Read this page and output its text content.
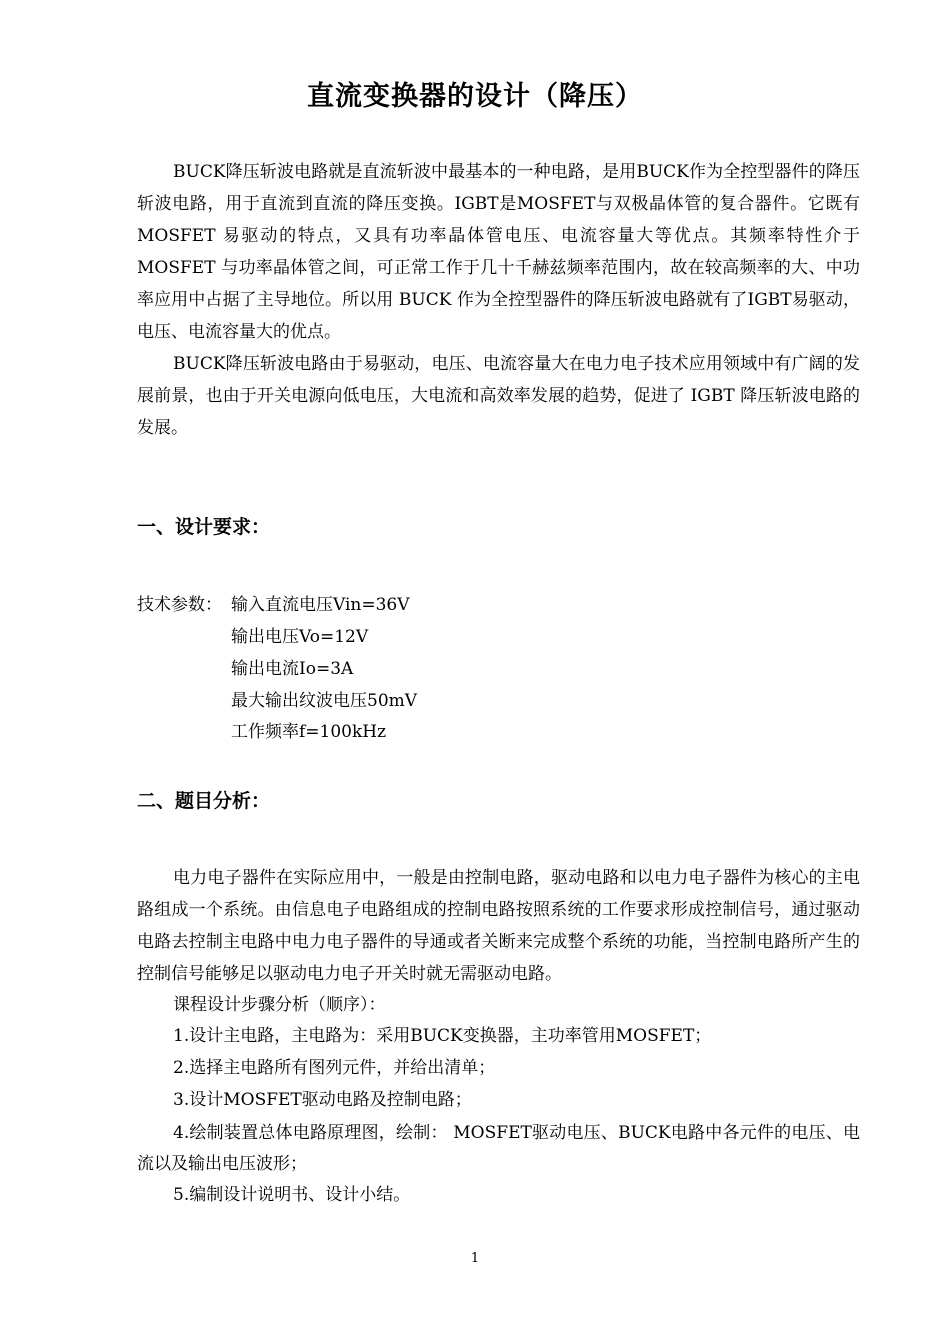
直流变换器的设计（降压）

BUCK降压斩波电路就是直流斩波中最基本的一种电路，是用BUCK作为全控型器件的降压斩波电路，用于直流到直流的降压变换。IGBT是MOSFET与双极晶体管的复合器件。它既有 MOSFET 易驱动的特点，又具有功率晶体管电压、电流容量大等优点。其频率特性介于 MOSFET 与功率晶体管之间，可正常工作于几十千赫兹频率范围内，故在较高频率的大、中功率应用中占据了主导地位。所以用 BUCK 作为全控型器件的降压斩波电路就有了IGBT易驱动，电压、电流容量大的优点。

BUCK降压斩波电路由于易驱动，电压、电流容量大在电力电子技术应用领域中有广阔的发展前景，也由于开关电源向低电压，大电流和高效率发展的趋势，促进了 IGBT 降压斩波电路的发展。

一、设计要求：
技术参数： 输入直流电压Vin=36V
输出电压Vo=12V
输出电流Io=3A
最大输出纹波电压50mV
工作频率f=100kHz
二、题目分析：

电力电子器件在实际应用中，一般是由控制电路，驱动电路和以电力电子器件为核心的主电路组成一个系统。由信息电子电路组成的控制电路按照系统的工作要求形成控制信号，通过驱动电路去控制主电路中电力电子器件的导通或者关断来完成整个系统的功能，当控制电路所产生的控制信号能够足以驱动电力电子开关时就无需驱动电路。

课程设计步骤分析（顺序）：

1.设计主电路，主电路为：采用BUCK变换器，主功率管用MOSFET；

2.选择主电路所有图列元件，并给出清单；

3.设计MOSFET驱动电路及控制电路；

4.绘制装置总体电路原理图，绘制： MOSFET驱动电压、BUCK电路中各元件的电压、电流以及输出电压波形；

5.编制设计说明书、设计小结。

1
